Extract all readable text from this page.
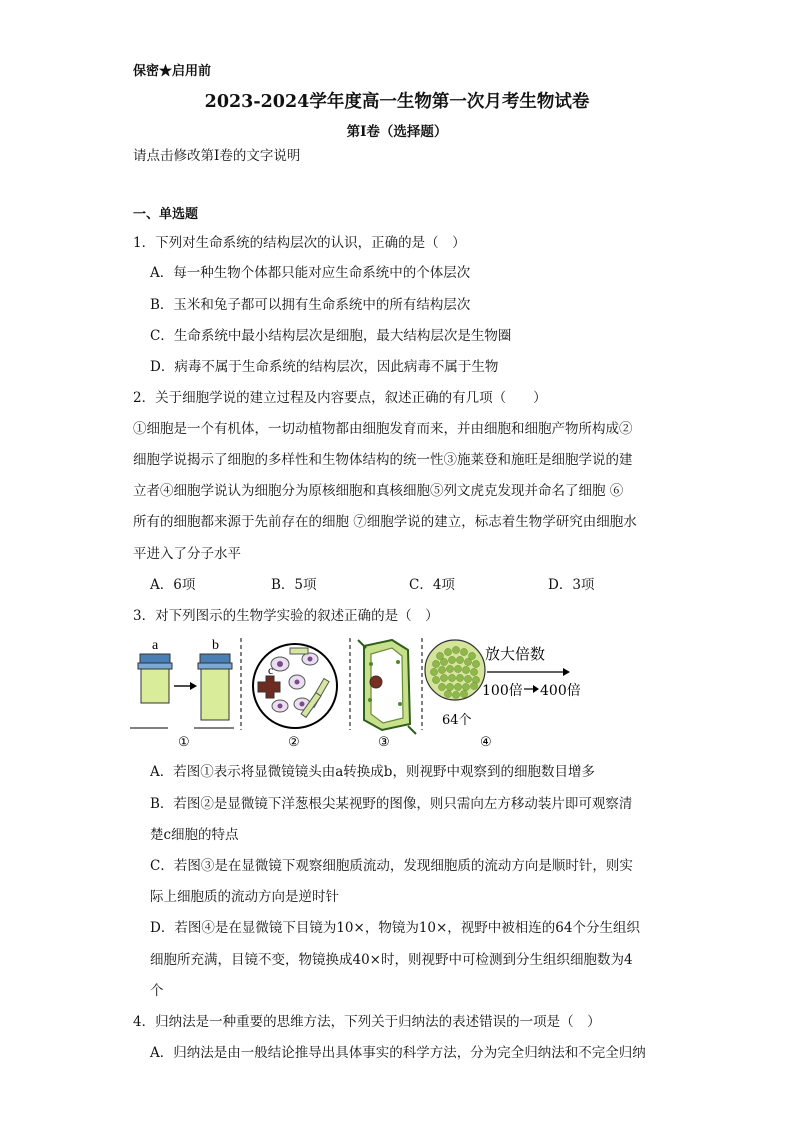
保密★启用前
2023-2024学年度高一生物第一次月考生物试卷
第I卷（选择题）
请点击修改第I卷的文字说明
一、单选题
1．下列对生命系统的结构层次的认识，正确的是（　）
A．每一种生物个体都只能对应生命系统中的个体层次
B．玉米和兔子都可以拥有生命系统中的所有结构层次
C．生命系统中最小结构层次是细胞，最大结构层次是生物圈
D．病毒不属于生命系统的结构层次，因此病毒不属于生物
2．关于细胞学说的建立过程及内容要点，叙述正确的有几项（　　）
①细胞是一个有机体，一切动植物都由细胞发育而来，并由细胞和细胞产物所构成②
细胞学说揭示了细胞的多样性和生物体结构的统一性③施莱登和施旺是细胞学说的建
立者④细胞学说认为细胞分为原核细胞和真核细胞⑤列文虎克发现并命名了细胞 ⑥
所有的细胞都来源于先前存在的细胞 ⑦细胞学说的建立，标志着生物学研究由细胞水
平进入了分子水平
A．6项	B．5项	C．4项	D．3项
3．对下列图示的生物学实验的叙述正确的是（　）
a	b
①
c
②	③
64个
放大倍数
100倍 400倍
④
A．若图①表示将显微镜镜头由a转换成b，则视野中观察到的细胞数目增多
B．若图②是显微镜下洋葱根尖某视野的图像，则只需向左方移动装片即可观察清
楚c细胞的特点
C．若图③是在显微镜下观察细胞质流动，发现细胞质的流动方向是顺时针，则实
际上细胞质的流动方向是逆时针
D．若图④是在显微镜下目镜为10×，物镜为10×，视野中被相连的64个分生组织
细胞所充满，目镜不变，物镜换成40×时，则视野中可检测到分生组织细胞数为4
个
4．归纳法是一种重要的思维方法，下列关于归纳法的表述错误的一项是（　）
A．归纳法是由一般结论推导出具体事实的科学方法，分为完全归纳法和不完全归纳
